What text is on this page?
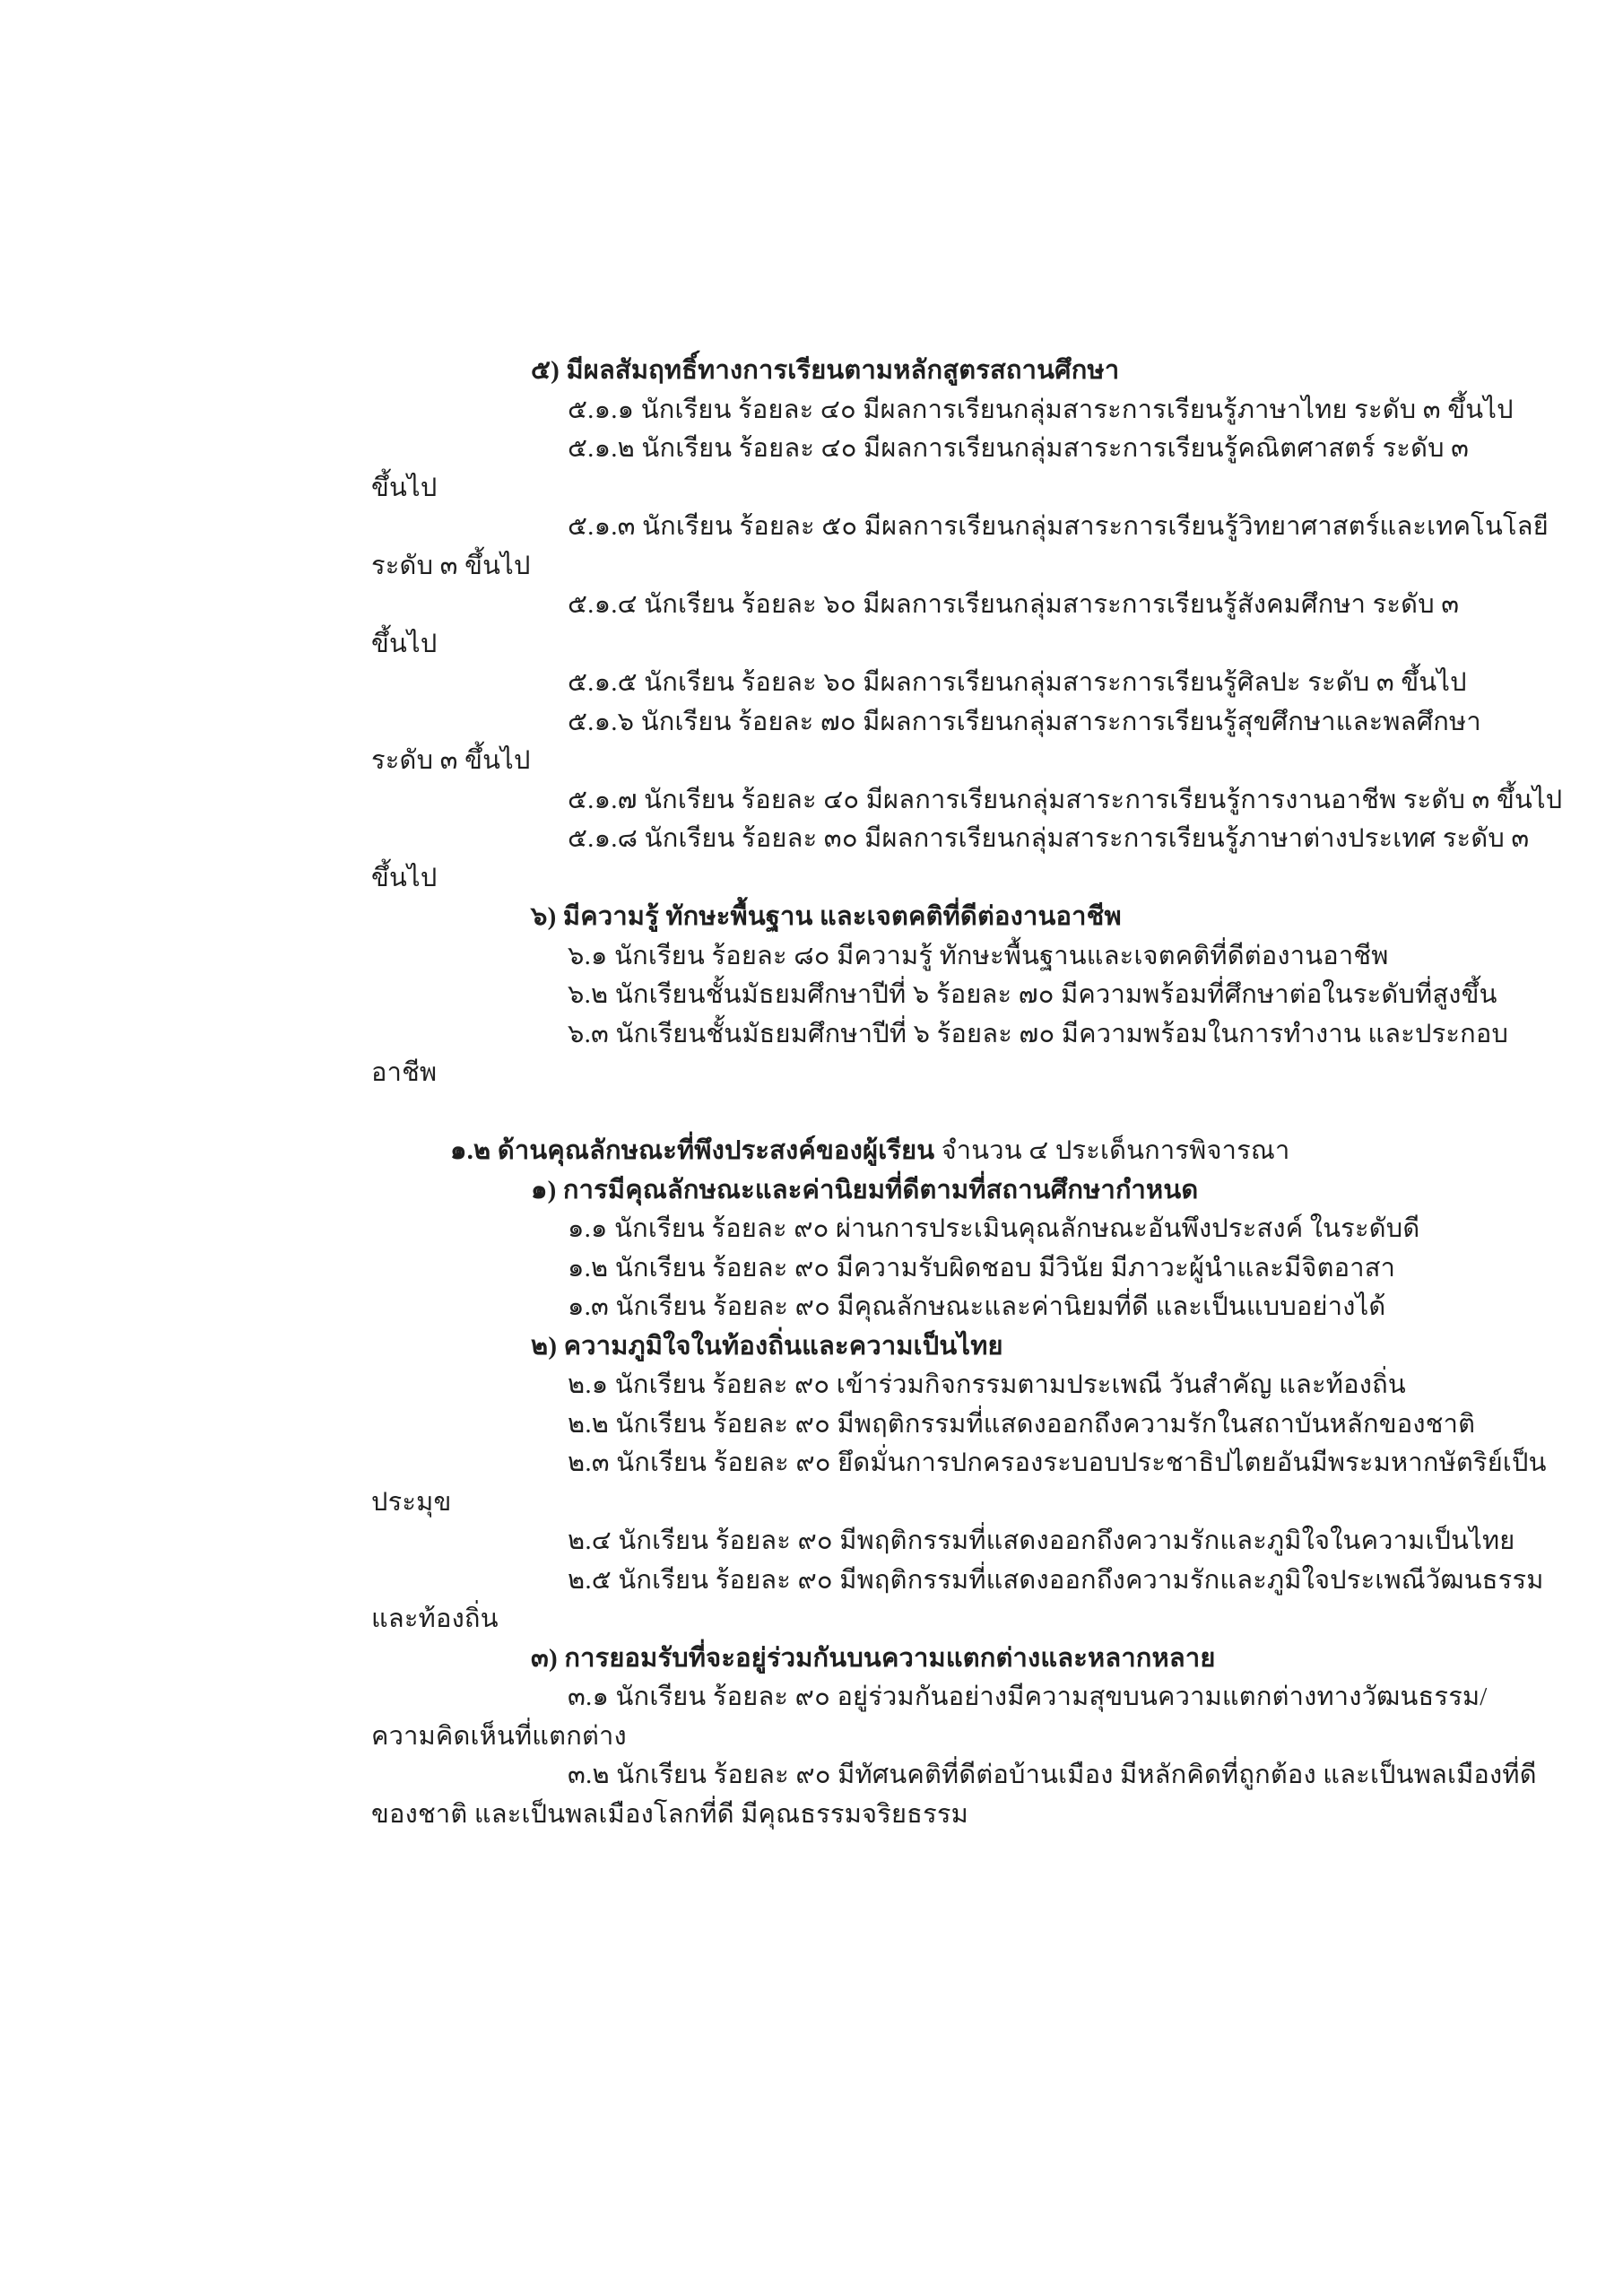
๕) มีผลสัมฤทธิ์ทางการเรียนตามหลักสูตรสถานศึกษา
๕.๑.๑ นักเรียน ร้อยละ ๔๐ มีผลการเรียนกลุ่มสาระการเรียนรู้ภาษาไทย ระดับ ๓ ขึ้นไป
๕.๑.๒ นักเรียน ร้อยละ ๔๐ มีผลการเรียนกลุ่มสาระการเรียนรู้คณิตศาสตร์ ระดับ ๓
ขึ้นไป
๕.๑.๓ นักเรียน ร้อยละ ๕๐ มีผลการเรียนกลุ่มสาระการเรียนรู้วิทยาศาสตร์และเทคโนโลยี
ระดับ ๓ ขึ้นไป
๕.๑.๔ นักเรียน ร้อยละ ๖๐ มีผลการเรียนกลุ่มสาระการเรียนรู้สังคมศึกษา ระดับ ๓
ขึ้นไป
๕.๑.๕ นักเรียน ร้อยละ ๖๐ มีผลการเรียนกลุ่มสาระการเรียนรู้ศิลปะ ระดับ ๓ ขึ้นไป
๕.๑.๖ นักเรียน ร้อยละ ๗๐ มีผลการเรียนกลุ่มสาระการเรียนรู้สุขศึกษาและพลศึกษา
ระดับ ๓ ขึ้นไป
๕.๑.๗ นักเรียน ร้อยละ ๔๐ มีผลการเรียนกลุ่มสาระการเรียนรู้การงานอาชีพ ระดับ ๓ ขึ้นไป
๕.๑.๘ นักเรียน ร้อยละ ๓๐ มีผลการเรียนกลุ่มสาระการเรียนรู้ภาษาต่างประเทศ ระดับ ๓
ขึ้นไป
๖) มีความรู้ ทักษะพื้นฐาน และเจตคติที่ดีต่องานอาชีพ
๖.๑ นักเรียน ร้อยละ ๘๐ มีความรู้ ทักษะพื้นฐานและเจตคติที่ดีต่องานอาชีพ
๖.๒ นักเรียนชั้นมัธยมศึกษาปีที่ ๖ ร้อยละ ๗๐ มีความพร้อมที่ศึกษาต่อในระดับที่สูงขึ้น
๖.๓ นักเรียนชั้นมัธยมศึกษาปีที่ ๖ ร้อยละ ๗๐ มีความพร้อมในการทำงาน และประกอบ
อาชีพ
๑.๒ ด้านคุณลักษณะที่พึงประสงค์ของผู้เรียน จำนวน ๔ ประเด็นการพิจารณา
๑) การมีคุณลักษณะและค่านิยมที่ดีตามที่สถานศึกษากำหนด
๑.๑ นักเรียน ร้อยละ ๙๐ ผ่านการประเมินคุณลักษณะอันพึงประสงค์ ในระดับดี
๑.๒ นักเรียน ร้อยละ ๙๐ มีความรับผิดชอบ มีวินัย มีภาวะผู้นำและมีจิตอาสา
๑.๓ นักเรียน ร้อยละ ๙๐ มีคุณลักษณะและค่านิยมที่ดี และเป็นแบบอย่างได้
๒) ความภูมิใจในท้องถิ่นและความเป็นไทย
๒.๑ นักเรียน ร้อยละ ๙๐ เข้าร่วมกิจกรรมตามประเพณี วันสำคัญ และท้องถิ่น
๒.๒ นักเรียน ร้อยละ ๙๐ มีพฤติกรรมที่แสดงออกถึงความรักในสถาบันหลักของชาติ
๒.๓ นักเรียน ร้อยละ ๙๐ ยึดมั่นการปกครองระบอบประชาธิปไตยอันมีพระมหากษัตริย์เป็น
ประมุข
๒.๔ นักเรียน ร้อยละ ๙๐ มีพฤติกรรมที่แสดงออกถึงความรักและภูมิใจในความเป็นไทย
๒.๕ นักเรียน ร้อยละ ๙๐ มีพฤติกรรมที่แสดงออกถึงความรักและภูมิใจประเพณีวัฒนธรรม
และท้องถิ่น
๓) การยอมรับที่จะอยู่ร่วมกันบนความแตกต่างและหลากหลาย
๓.๑ นักเรียน ร้อยละ ๙๐ อยู่ร่วมกันอย่างมีความสุขบนความแตกต่างทางวัฒนธรรม/
ความคิดเห็นที่แตกต่าง
๓.๒ นักเรียน ร้อยละ ๙๐ มีทัศนคติที่ดีต่อบ้านเมือง มีหลักคิดที่ถูกต้อง และเป็นพลเมืองที่ดี
ของชาติ และเป็นพลเมืองโลกที่ดี มีคุณธรรมจริยธรรม
